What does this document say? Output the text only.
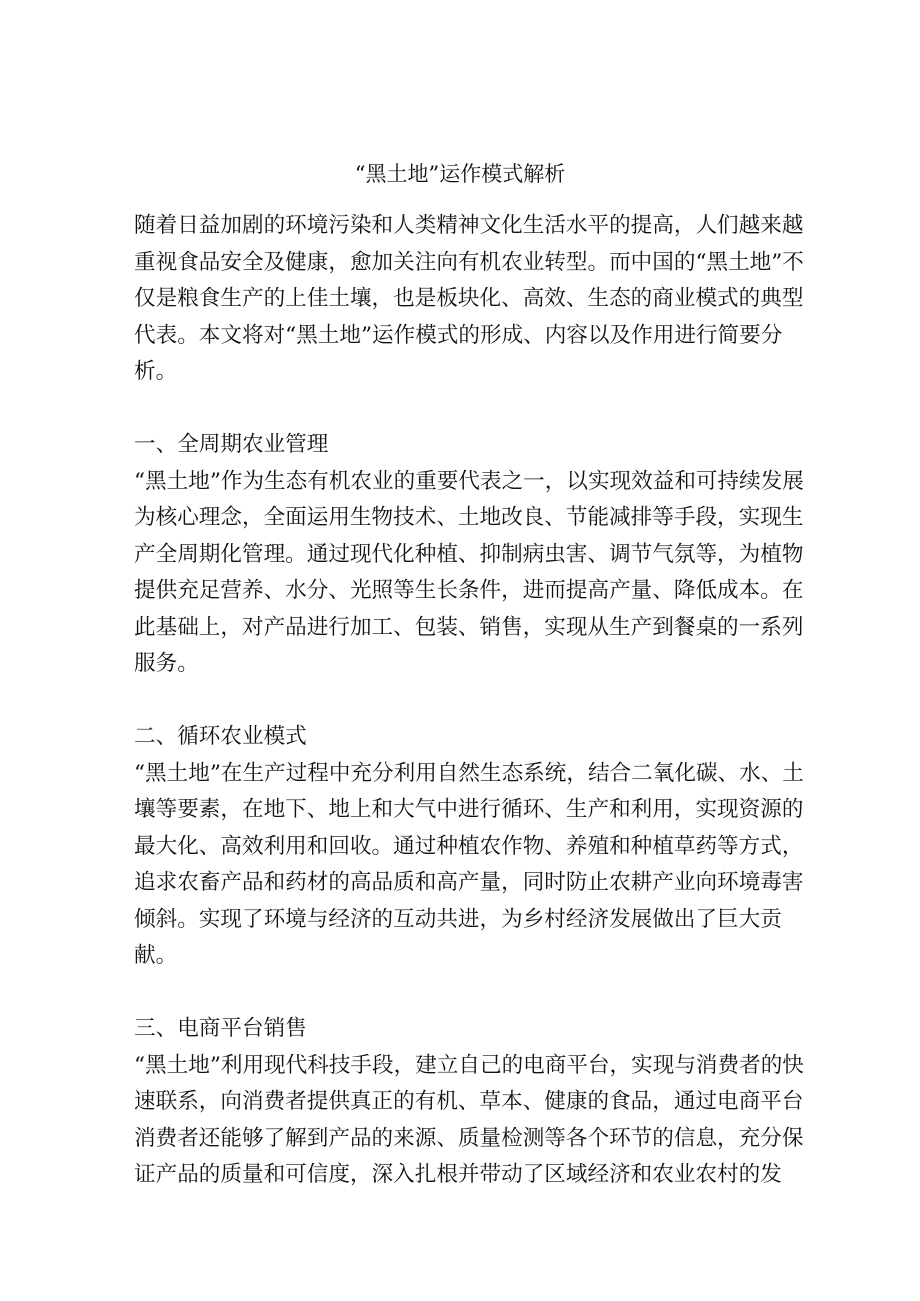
“黑土地”运作模式解析

随着日益加剧的环境污染和人类精神文化生活水平的提高，人们越来越重视食品安全及健康，愈加关注向有机农业转型。而中国的“黑土地”不仅是粮食生产的上佳土壤，也是板块化、高效、生态的商业模式的典型代表。本文将对“黑土地”运作模式的形成、内容以及作用进行简要分析。

一、全周期农业管理

“黑土地”作为生态有机农业的重要代表之一，以实现效益和可持续发展为核心理念，全面运用生物技术、土地改良、节能减排等手段，实现生产全周期化管理。通过现代化种植、抑制病虫害、调节气氛等，为植物提供充足营养、水分、光照等生长条件，进而提高产量、降低成本。在此基础上，对产品进行加工、包装、销售，实现从生产到餐桌的一系列服务。

二、循环农业模式

“黑土地”在生产过程中充分利用自然生态系统，结合二氧化碳、水、土壤等要素，在地下、地上和大气中进行循环、生产和利用，实现资源的最大化、高效利用和回收。通过种植农作物、养殖和种植草药等方式，追求农畜产品和药材的高品质和高产量，同时防止农耕产业向环境毒害倾斜。实现了环境与经济的互动共进，为乡村经济发展做出了巨大贡献。

三、电商平台销售

“黑土地”利用现代科技手段，建立自己的电商平台，实现与消费者的快速联系，向消费者提供真正的有机、草本、健康的食品，通过电商平台消费者还能够了解到产品的来源、质量检测等各个环节的信息，充分保证产品的质量和可信度，深入扎根并带动了区域经济和农业农村的发
